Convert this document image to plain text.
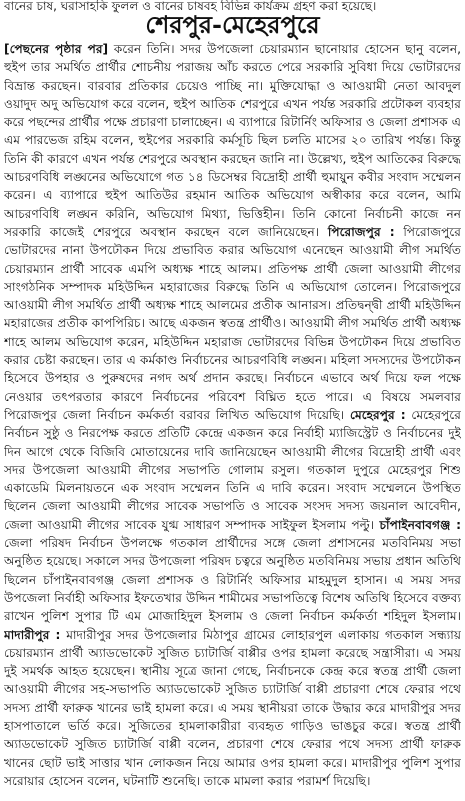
বানের চাষ, ঘরাসাহকি ফুলল ও বানের চাষবহ বিভিন্ন কার্যক্রম গ্রহণ করা হয়েছে।
শেরপুর-মেহেরপুরে

[পেছনের পৃষ্ঠার পর] করেন তিনি। সদর উপজেলা চেয়ারম্যান ছানোয়ার হোসেন ছানু বলেন, হুইপ তার সমর্থিত প্রার্থীর শোচনীয় পরাজয় আঁচ করতে পেরে সরকারি সুবিধা দিয়ে ভোটারদের বিভ্রান্ত করছেন। বারবার প্রতিকার চেয়েও পাচ্ছি না। মুক্তিযোদ্ধা ও আওয়ামী নেতা আবদুল ওয়াদুদ অদু অভিযোগ করে বলেন, হুইপ আতিক শেরপুরে এখন পর্যন্ত সরকারি প্রটোকল ব্যবহার করে পছন্দের প্রার্থীর পক্ষে প্রচারণা চালাচ্ছেন। এ ব্যাপারে রিটার্নিং অফিসার ও জেলা প্রশাসক এ এম পারভেজ রহিম বলেন, হুইপের সরকারি কর্মসূচি ছিল চলতি মাসের ২০ তারিখ পর্যন্ত। কিন্তু তিনি কী কারণে এখন পর্যন্ত শেরপুরে অবস্থান করছেন জানি না। উল্লেখ্য, হুইপ আতিকের বিরুদ্ধে আচরণবিধি লঙ্ঘনের অভিযোগে গত ১৪ ডিসেম্বর বিদ্রোহী প্রার্থী হুমায়ুন কবীর সংবাদ সম্মেলন করেন। এ ব্যাপারে হুইপ আতিউর রহমান আতিক অভিযোগ অস্বীকার করে বলেন, আমি আচরণবিধি লঙ্ঘন করিনি, অভিযোগ মিথ্যা, ভিত্তিহীন। তিনি কোনো নির্বাচনী কাজে নন সরকারি কাজেই শেরপুরে অবস্থান করছেন বলে জানিয়েছেন। পিরোজপুর : পিরোজপুরে ভোটারদের নানা উপঢৌকন দিয়ে প্রভাবিত করার অভিযোগ এনেছেন আওয়ামী লীগ সমর্থিত চেয়ারম্যান প্রার্থী সাবেক এমপি অধ্যক্ষ শাহে আলম। প্রতিপক্ষ প্রার্থী জেলা আওয়ামী লীগের সাংগঠনিক সম্পাদক মহিউদ্দিন মহারাজের বিরুদ্ধে তিনি এ অভিযোগ তোলেন। পিরোজপুরে আওয়ামী লীগ সমর্থিত প্রার্থী অধ্যক্ষ শাহে আলমের প্রতীক আনারস। প্রতিদ্বন্দ্বী প্রার্থী মহিউদ্দিন মহারাজের প্রতীক কাপপিরিচ। আছে একজন স্বতন্ত্র প্রার্থীও। আওয়ামী লীগ সমর্থিত প্রার্থী অধ্যক্ষ শাহে আলম অভিযোগ করেন, মহিউদ্দিন মহারাজ ভোটারদের বিভিন্ন উপঢৌকন দিয়ে প্রভাবিত করার চেষ্টা করছেন। তার এ কর্মকাণ্ড নির্বাচনের আচরণবিধি লঙ্ঘন। মহিলা সদস্যদের উপঢৌকন হিসেবে উপহার ও পুরুষদের নগদ অর্থ প্রদান করছে। নির্বাচনে এভাবে অর্থ দিয়ে ফল পক্ষে নেওয়ার তৎপরতার কারণে নির্বাচনের পরিবেশ বিঘ্নিত হতে পারে। এ বিষয়ে সমলবার পিরোজপুর জেলা নির্বাচন কর্মকর্তা বরাবর লিখিত অভিযোগ দিয়েছি। মেহেরপুর : মেহেরপুরে নির্বাচন সুষ্ঠু ও নিরপেক্ষ করতে প্রতিটি কেন্দ্রে একজন করে নির্বাহী ম্যাজিস্ট্রেট ও নির্বাচনের দুই দিন আগে থেকে বিজিবি মোতায়েনের দাবি জানিয়েছেন আওয়ামী লীগের বিদ্রোহী প্রার্থী এবং সদর উপজেলা আওয়ামী লীগের সভাপতি গোলাম রসুল। গতকাল দুপুরে মেহেরপুর শিশু একাডেমি মিলনায়তনে এক সংবাদ সম্মেলন তিনি এ দাবি করেন। সংবাদ সম্মেলনে উপস্থিত ছিলেন জেলা আওয়ামী লীগের সাবেক সভাপতি ও সাবেক সংসদ সদস্য জয়নাল আবেদীন, জেলা আওয়ামী লীগের সাবেক যুগ্ম সাধারণ সম্পাদক সাইফুল ইসলাম পল্টু। চাঁপাইনবাবগঞ্জ : জেলা পরিষদ নির্বাচন উপলক্ষে গতকাল প্রার্থীদের সঙ্গে জেলা প্রশাসনের মতবিনিময় সভা অনুষ্ঠিত হয়েছে। সকালে সদর উপজেলা পরিষদ চত্বরে অনুষ্ঠিত মতবিনিময় সভায় প্রধান অতিথি ছিলেন চাঁপাইনবাবগঞ্জ জেলা প্রশাসক ও রিটার্নিং অফিসার মাহমুদুল হাসান। এ সময় সদর উপজেলা নির্বাহী অফিসার ইফতেখার উদ্দিন শামীমের সভাপতিত্বে বিশেষ অতিথি হিসেবে বক্তব্য রাখেন পুলিশ সুপার টি এম মোজাহিদুল ইসলাম ও জেলা নির্বাচন কর্মকর্তা শহিদুল ইসলাম। মাদারীপুর : মাদারীপুর সদর উপজেলার মিঠাপুর গ্রামের লোহারপুল এলাকায় গতকাল সন্ধ্যায় চেয়ারম্যান প্রার্থী অ্যাডভোকেট সুজিত চ্যাটার্জি বাপ্পীর ওপর হামলা করেছে সন্ত্রাসীরা। এ সময় দুই সমর্থক আহত হয়েছেন। স্থানীয় সূত্রে জানা গেছে, নির্বাচনকে কেন্দ্র করে স্বতন্ত্র প্রার্থী জেলা আওয়ামী লীগের সহ-সভাপতি অ্যাডভোকেট সুজিত চ্যাটার্জি বাপ্পী প্রচারণা শেষে ফেরার পথে সদস্য প্রার্থী ফারুক খানের ভাই হামলা করে। এ সময় স্থানীয়রা তাকে উদ্ধার করে মাদারীপুর সদর হাসপাতালে ভর্তি করে। সুজিতের হামলাকারীরা ব্যবহৃত গাড়িও ভাঙচুর করে। স্বতন্ত্র প্রার্থী অ্যাডভোকেট সুজিত চ্যাটার্জি বাপ্পী বলেন, প্রচারণা শেষে ফেরার পথে সদস্য প্রার্থী ফারুক খানের ছোট ভাই সাত্তার খান লোকজন নিয়ে আমার ওপর হামলা করে। মাদারীপুর পুলিশ সুপার সরোয়ার হোসেন বলেন, ঘটনাটি শুনেছি। তাকে মামলা করার পরামর্শ দিয়েছি।
